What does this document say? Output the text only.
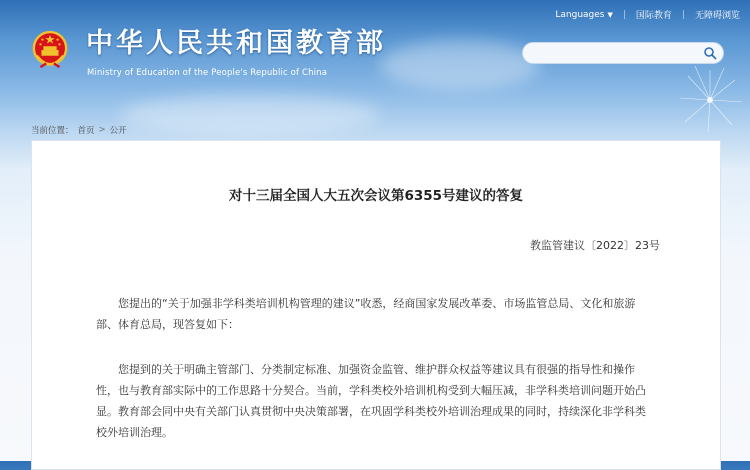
Languages ▼ | 国际教育 | 无障碍浏览
中华人民共和国教育部
Ministry of Education of the People's Republic of China
当前位置： 首页 > 公开
对十三届全国人大五次会议第6355号建议的答复
教监管建议〔2022〕23号

您提出的“关于加强非学科类培训机构管理的建议”收悉，经商国家发展改革委、市场监管总局、文化和旅游部、体育总局，现答复如下：

您提到的关于明确主管部门、分类制定标准、加强资金监管、维护群众权益等建议具有很强的指导性和操作性，也与教育部实际中的工作思路十分契合。当前，学科类校外培训机构受到大幅压减，非学科类培训问题开始凸显。教育部会同中央有关部门认真贯彻中央决策部署，在巩固学科类校外培训治理成果的同时，持续深化非学科类校外培训治理。
